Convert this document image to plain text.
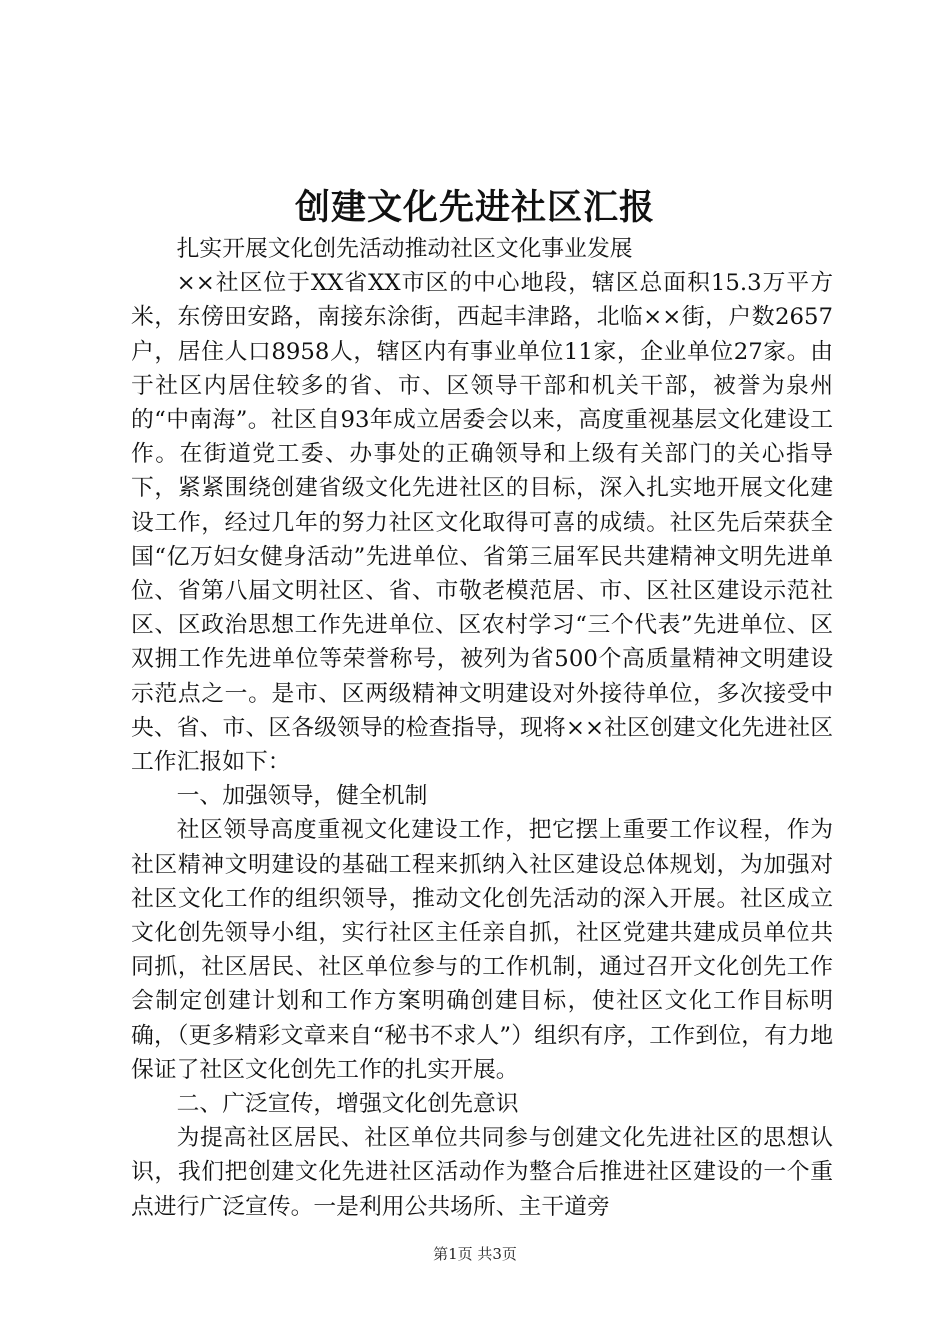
创建文化先进社区汇报

扎实开展文化创先活动推动社区文化事业发展

××社区位于XX省XX市区的中心地段，辖区总面积15.3万平方米，东傍田安路，南接东涂街，西起丰津路，北临××街，户数2657户，居住人口8958人，辖区内有事业单位11家，企业单位27家。由于社区内居住较多的省、市、区领导干部和机关干部，被誉为泉州的“中南海”。社区自93年成立居委会以来，高度重视基层文化建设工作。在街道党工委、办事处的正确领导和上级有关部门的关心指导下，紧紧围绕创建省级文化先进社区的目标，深入扎实地开展文化建设工作，经过几年的努力社区文化取得可喜的成绩。社区先后荣获全国“亿万妇女健身活动”先进单位、省第三届军民共建精神文明先进单位、省第八届文明社区、省、市敬老模范居、市、区社区建设示范社区、区政治思想工作先进单位、区农村学习“三个代表”先进单位、区双拥工作先进单位等荣誉称号，被列为省500个高质量精神文明建设示范点之一。是市、区两级精神文明建设对外接待单位，多次接受中央、省、市、区各级领导的检查指导，现将××社区创建文化先进社区工作汇报如下：

一、加强领导，健全机制

社区领导高度重视文化建设工作，把它摆上重要工作议程，作为社区精神文明建设的基础工程来抓纳入社区建设总体规划，为加强对社区文化工作的组织领导，推动文化创先活动的深入开展。社区成立文化创先领导小组，实行社区主任亲自抓，社区党建共建成员单位共同抓，社区居民、社区单位参与的工作机制，通过召开文化创先工作会制定创建计划和工作方案明确创建目标，使社区文化工作目标明确，（更多精彩文章来自“秘书不求人”）组织有序，工作到位，有力地保证了社区文化创先工作的扎实开展。

二、广泛宣传，增强文化创先意识

为提高社区居民、社区单位共同参与创建文化先进社区的思想认识，我们把创建文化先进社区活动作为整合后推进社区建设的一个重点进行广泛宣传。一是利用公共场所、主干道旁

第1页 共3页
